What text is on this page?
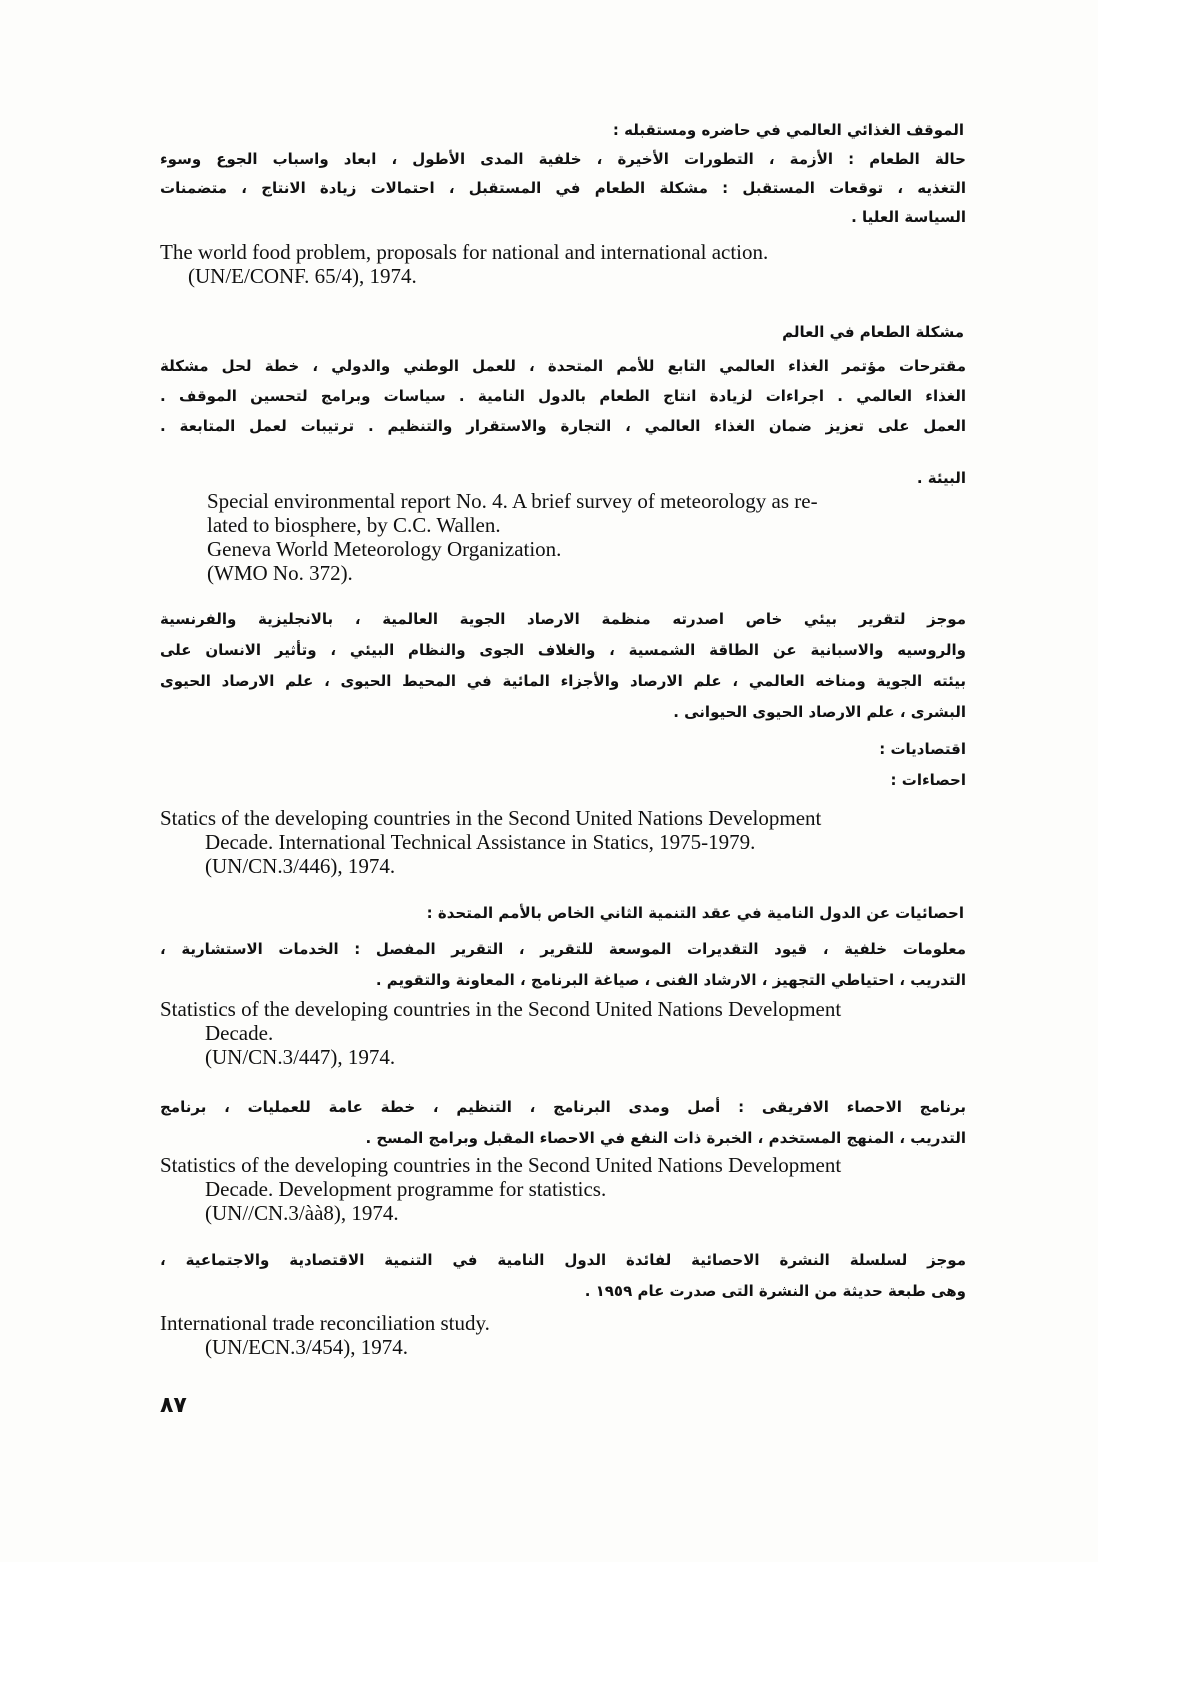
الموقف الغذائي العالمي في حاضره ومستقبله :
حالة الطعام : الأزمة ، التطورات الأخيرة ، خلفية المدى الأطول ، ابعاد واسباب الجوع وسوء
التغذيه ، توقعات المستقبل : مشكلة الطعام في المستقبل ، احتمالات زيادة الانتاج ، متضمنات
السياسة العليا .
The world food problem, proposals for national and international action.
(UN/E/CONF. 65/4), 1974.
مشكلة الطعام في العالم
مقترحات مؤتمر الغذاء العالمي التابع للأمم المتحدة ، للعمل الوطني والدولي ، خطة لحل مشكلة
الغذاء العالمي . اجراءات لزيادة انتاج الطعام بالدول النامية . سياسات وبرامج لتحسين الموقف .
العمل على تعزيز ضمان الغذاء العالمي ، التجارة والاستقرار والتنظيم . ترتيبات لعمل المتابعة .
البيئة .
Special environmental report No. 4. A brief survey of meteorology as re-
lated to biosphere, by C.C. Wallen.
Geneva World Meteorology Organization.
(WMO No. 372).
موجز لتقرير بيئي خاص اصدرته منظمة الارصاد الجوية العالمية ، بالانجليزية والفرنسية
والروسيه والاسبانية عن الطاقة الشمسية ، والغلاف الجوى والنظام البيئي ، وتأثير الانسان على
بيئته الجوية ومناخه العالمي ، علم الارصاد والأجزاء المائية في المحيط الحيوى ، علم الارصاد الحيوى
البشرى ، علم الارصاد الحيوى الحيوانى .
اقتصاديات :
احصاءات :
Statics of the developing countries in the Second United Nations Development
Decade. International Technical Assistance in Statics, 1975-1979.
(UN/CN.3/446), 1974.
احصائيات عن الدول النامية في عقد التنمية الثاني الخاص بالأمم المتحدة :
معلومات خلفية ، قيود التقديرات الموسعة للتقرير ، التقرير المفصل : الخدمات الاستشارية ،
التدريب ، احتياطي التجهيز ، الارشاد الفنى ، صياغة البرنامج ، المعاونة والتقويم .
Statistics of the developing countries in the Second United Nations Development
Decade.
(UN/CN.3/447), 1974.
برنامج الاحصاء الافريقى : أصل ومدى البرنامج ، التنظيم ، خطة عامة للعمليات ، برنامج
التدريب ، المنهج المستخدم ، الخبرة ذات النفع في الاحصاء المقبل وبرامج المسح .
Statistics of the developing countries in the Second United Nations Development
Decade. Development programme for statistics.
(UN//CN.3/àà8), 1974.
موجز لسلسلة النشرة الاحصائية لفائدة الدول النامية في التنمية الاقتصادية والاجتماعية ،
وهى طبعة حديثة من النشرة التى صدرت عام ١٩٥٩ .
International trade reconciliation study.
(UN/ECN.3/454), 1974.
٨٧
